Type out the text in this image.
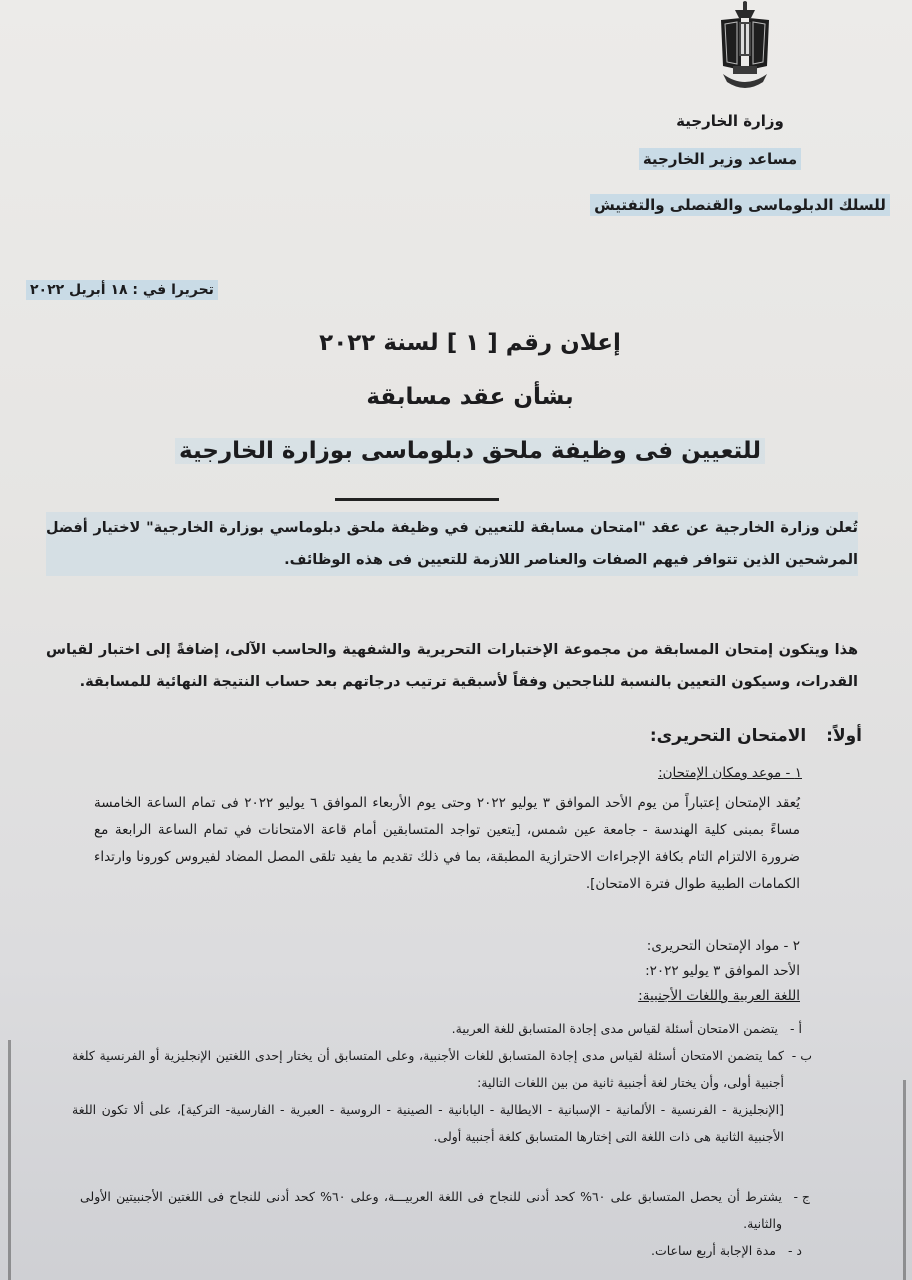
وزارة الخارجية
مساعد وزير الخارجية
للسلك الدبلوماسى والقنصلى والتفتيش
تحريرا في : ١٨ أبريل ٢٠٢٢
إعلان رقم [ ١ ] لسنة ٢٠٢٢
بشأن عقد مسابقة
للتعيين فى وظيفة ملحق دبلوماسى بوزارة الخارجية
تُعلن وزارة الخارجية عن عقد "امتحان مسابقة للتعيين في وظيفة ملحق دبلوماسي بوزارة الخارجية" لاختيار أفضل المرشحين الذين تتوافر فيهم الصفات والعناصر اللازمة للتعيين فى هذه الوظائف.
هذا ويتكون إمتحان المسابقة من مجموعة الإختبارات التحريرية والشفهية والحاسب الآلى، إضافةً إلى اختبار لقياس القدرات، وسيكون التعيين بالنسبة للناجحين وفقاً لأسبقية ترتيب درجاتهم بعد حساب النتيجة النهائية للمسابقة.
أولاً: الامتحان التحريرى:
١ - موعد ومكان الإمتحان:
يُعقد الإمتحان إعتباراً من يوم الأحد الموافق ٣ يوليو ٢٠٢٢ وحتى يوم الأربعاء الموافق ٦ يوليو ٢٠٢٢ فى تمام الساعة الخامسة مساءً بمبنى كلية الهندسة - جامعة عين شمس، [يتعين تواجد المتسابقين أمام قاعة الامتحانات في تمام الساعة الرابعة مع ضرورة الالتزام التام بكافة الإجراءات الاحترازية المطبقة، بما في ذلك تقديم ما يفيد تلقى المصل المضاد لفيروس كورونا وارتداء الكمامات الطبية طوال فترة الامتحان].
٢ - مواد الإمتحان التحريرى:
الأحد الموافق ٣ يوليو ٢٠٢٢:
اللغة العربية واللغات الأجنبية:
أ - يتضمن الامتحان أسئلة لقياس مدى إجادة المتسابق للغة العربية.
ب -
كما يتضمن الامتحان أسئلة لقياس مدى إجادة المتسابق للغات الأجنبية، وعلى المتسابق أن يختار إحدى اللغتين الإنجليزية أو الفرنسية كلغة أجنبية أولى، وأن يختار لغة أجنبية ثانية من بين اللغات التالية:
[الإنجليزية - الفرنسية - الألمانية - الإسبانية - الايطالية - اليابانية - الصينية - الروسية - العبرية - الفارسية- التركية]، على ألا تكون اللغة الأجنبية الثانية هى ذات اللغة التى إختارها المتسابق كلغة أجنبية أولى.
ج -
يشترط أن يحصل المتسابق على ٦٠% كحد أدنى للنجاح فى اللغة العربيـــة، وعلى ٦٠% كحد أدنى للنجاح فى اللغتين الأجنبيتين الأولى والثانية.
د - مدة الإجابة أربع ساعات.
